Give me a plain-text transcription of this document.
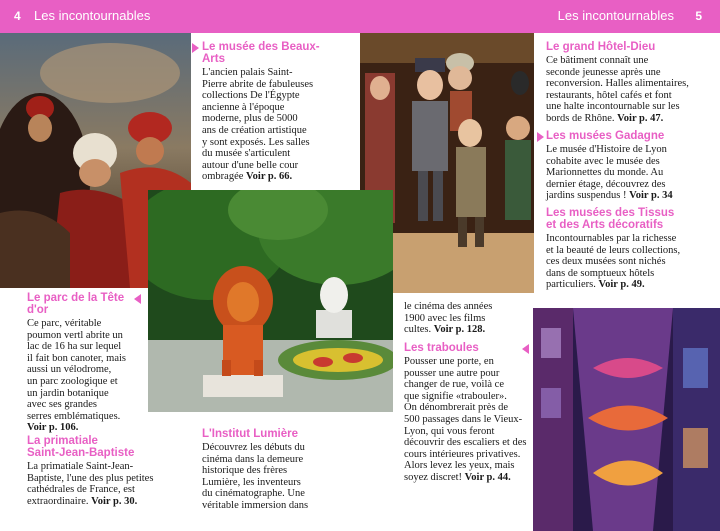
4 Les incontournables	Les incontournables 5
Le musée des Beaux-
Arts

L'ancien palais Saint-
Pierre abrite de fabuleuses
collections De l'Égypte
ancienne à l'époque
moderne, plus de 5000
ans de création artistique
y sont exposés. Les salles
du musée s'articulent
autour d'une belle cour
ombragée Voir p. 66.

Le parc de la Tête
d'or

Ce parc, véritable
poumon vertl abrite un
lac de 16 ha sur lequel
il fait bon canoter, mais
aussi un vélodrome,
un parc zoologique et
un jardin botanique
avec ses grandes
serres emblématiques.
Voir p. 106.

La primatiale
Saint-Jean-Baptiste

La primatiale Saint-Jean-
Baptiste, l'une des plus petites
cathédrales de France, est
extraordinaire. Voir p. 30.

L'Institut Lumière

Découvrez les débuts du
cinéma dans la demeure
historique des frères
Lumière, les inventeurs
du cinématographe. Une
véritable immersion dans

le cinéma des années
1900 avec les films
cultes. Voir p. 128.

Les traboules

Pousser une porte, en
pousser une autre pour
changer de rue, voilà ce
que signifie «trabouler».
On dénombrerait près de
500 passages dans le Vieux-
Lyon, qui vous feront
découvrir des escaliers et des
cours intérieures privatives.
Alors levez les yeux, mais
soyez discret! Voir p. 44.

Le grand Hôtel-Dieu

Ce bâtiment connaît une
seconde jeunesse après une
reconversion. Halles alimentaires,
restaurants, hôtel cafés et font
une halte incontournable sur les
bords de Rhône. Voir p. 47.

Les musées Gadagne

Le musée d'Histoire de Lyon
cohabite avec le musée des
Marionnettes du monde. Au
dernier étage, découvrez des
jardins suspendus ! Voir p. 34

Les musées des Tissus
et des Arts décoratifs

Incontournables par la richesse
et la beauté de leurs collections,
ces deux musées sont nichés
dans de somptueux hôtels
particuliers. Voir p. 49.
